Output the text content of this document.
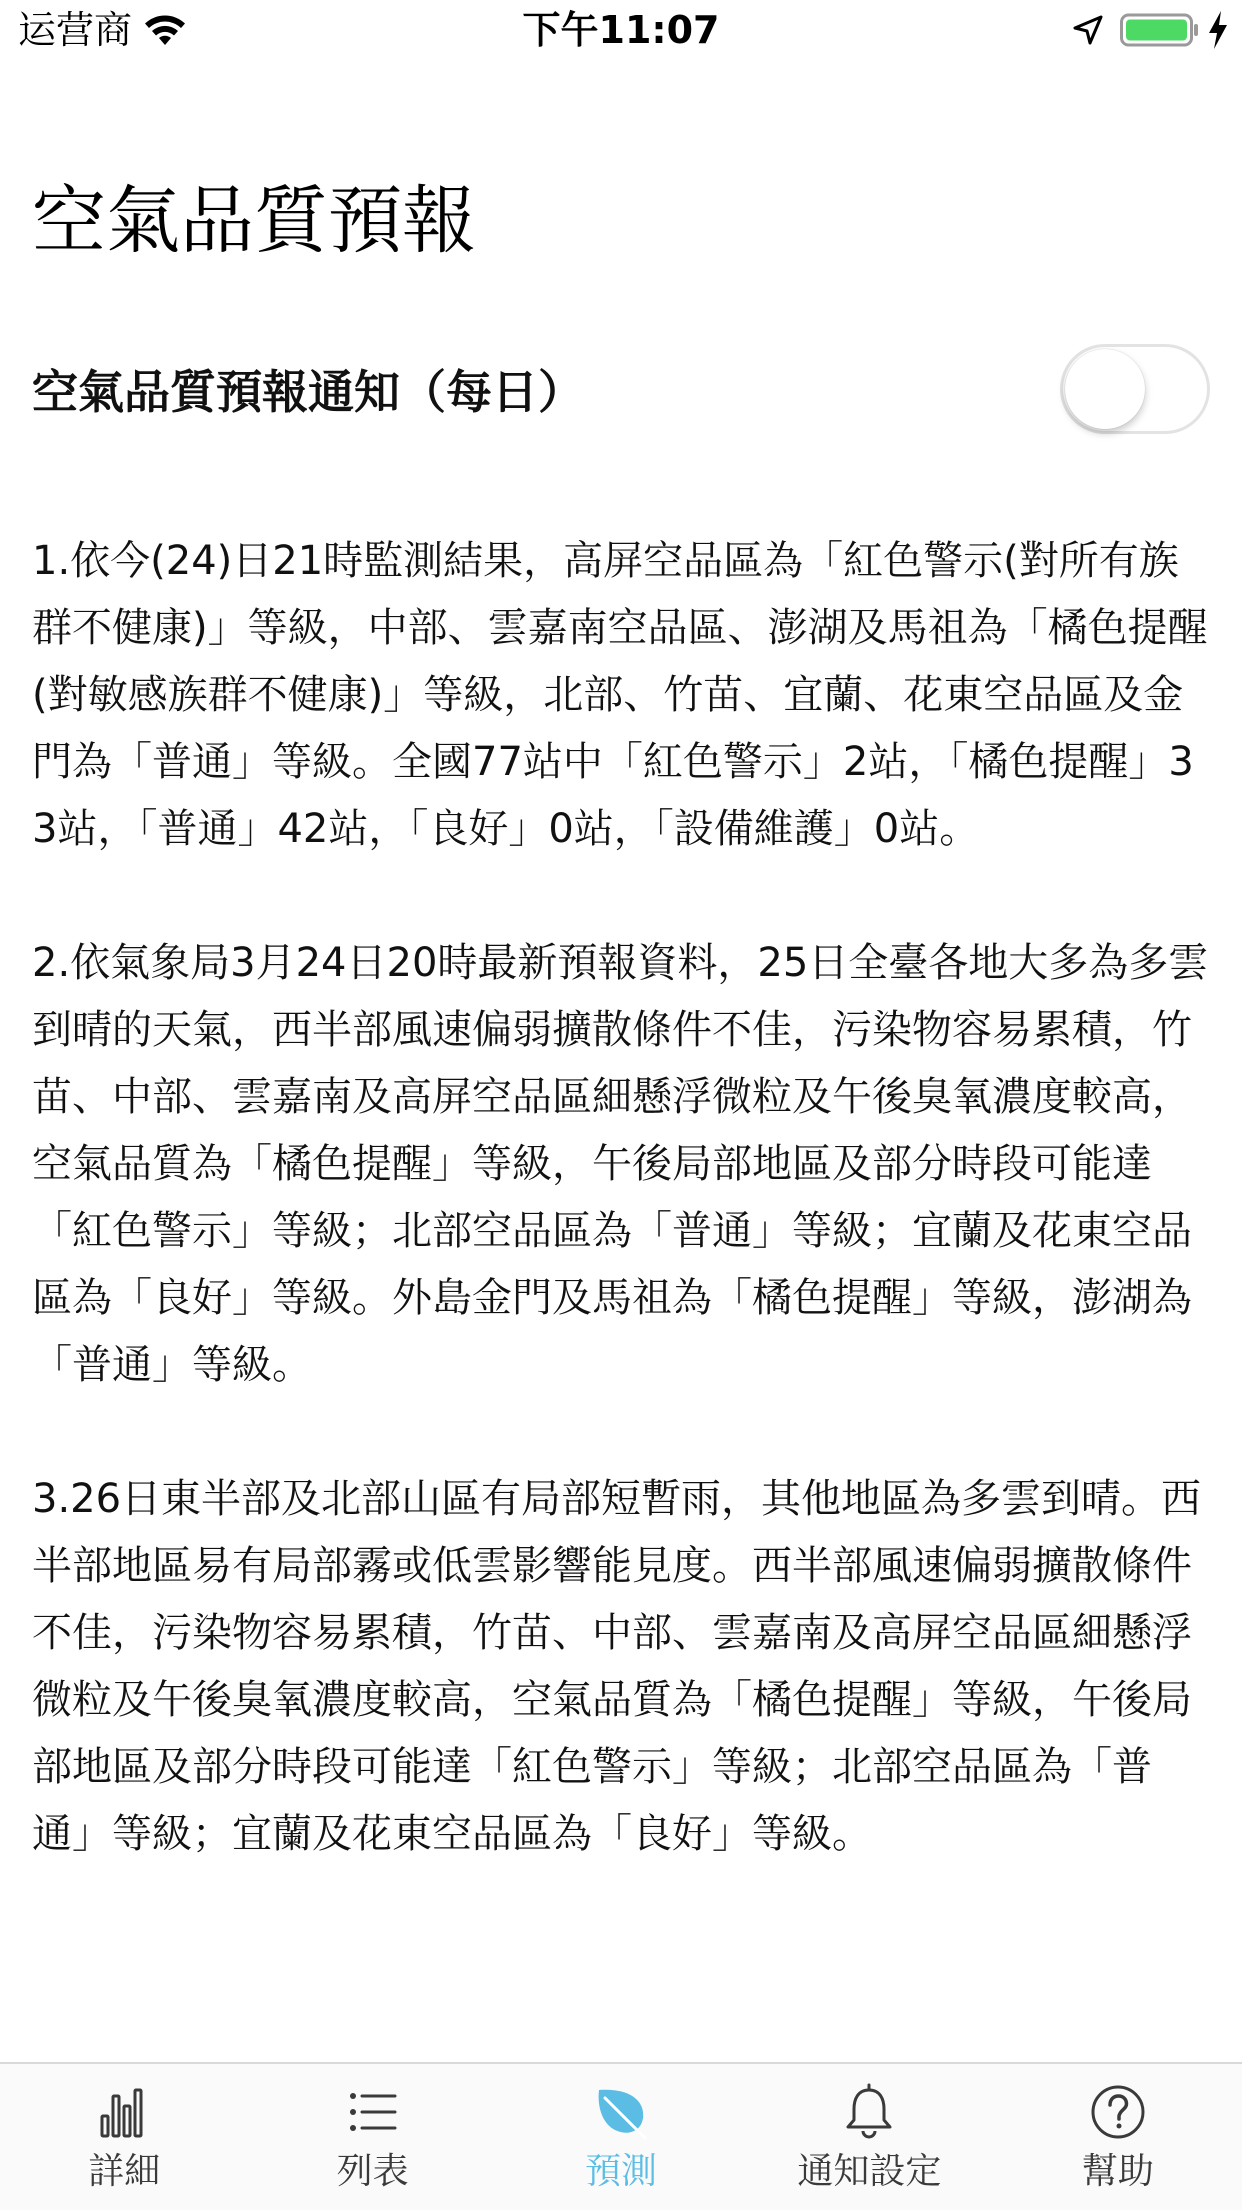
运营商	下午11:07
空氣品質預報
空氣品質預報通知（每日）

1.依今(24)日21時監測結果，高屏空品區為「紅色警示(對所有族群不健康)」等級，中部、雲嘉南空品區、澎湖及馬祖為「橘色提醒(對敏感族群不健康)」等級，北部、竹苗、宜蘭、花東空品區及金門為「普通」等級。全國77站中「紅色警示」2站，「橘色提醒」33站，「普通」42站，「良好」0站，「設備維護」0站。

2.依氣象局3月24日20時最新預報資料，25日全臺各地大多為多雲到晴的天氣，西半部風速偏弱擴散條件不佳，污染物容易累積，竹苗、中部、雲嘉南及高屏空品區細懸浮微粒及午後臭氧濃度較高，空氣品質為「橘色提醒」等級，午後局部地區及部分時段可能達「紅色警示」等級；北部空品區為「普通」等級；宜蘭及花東空品區為「良好」等級。外島金門及馬祖為「橘色提醒」等級，澎湖為「普通」等級。

3.26日東半部及北部山區有局部短暫雨，其他地區為多雲到晴。西半部地區易有局部霧或低雲影響能見度。西半部風速偏弱擴散條件不佳，污染物容易累積，竹苗、中部、雲嘉南及高屏空品區細懸浮微粒及午後臭氧濃度較高，空氣品質為「橘色提醒」等級，午後局部地區及部分時段可能達「紅色警示」等級；北部空品區為「普通」等級；宜蘭及花東空品區為「良好」等級。

詳細	列表	預測	通知設定	幫助
